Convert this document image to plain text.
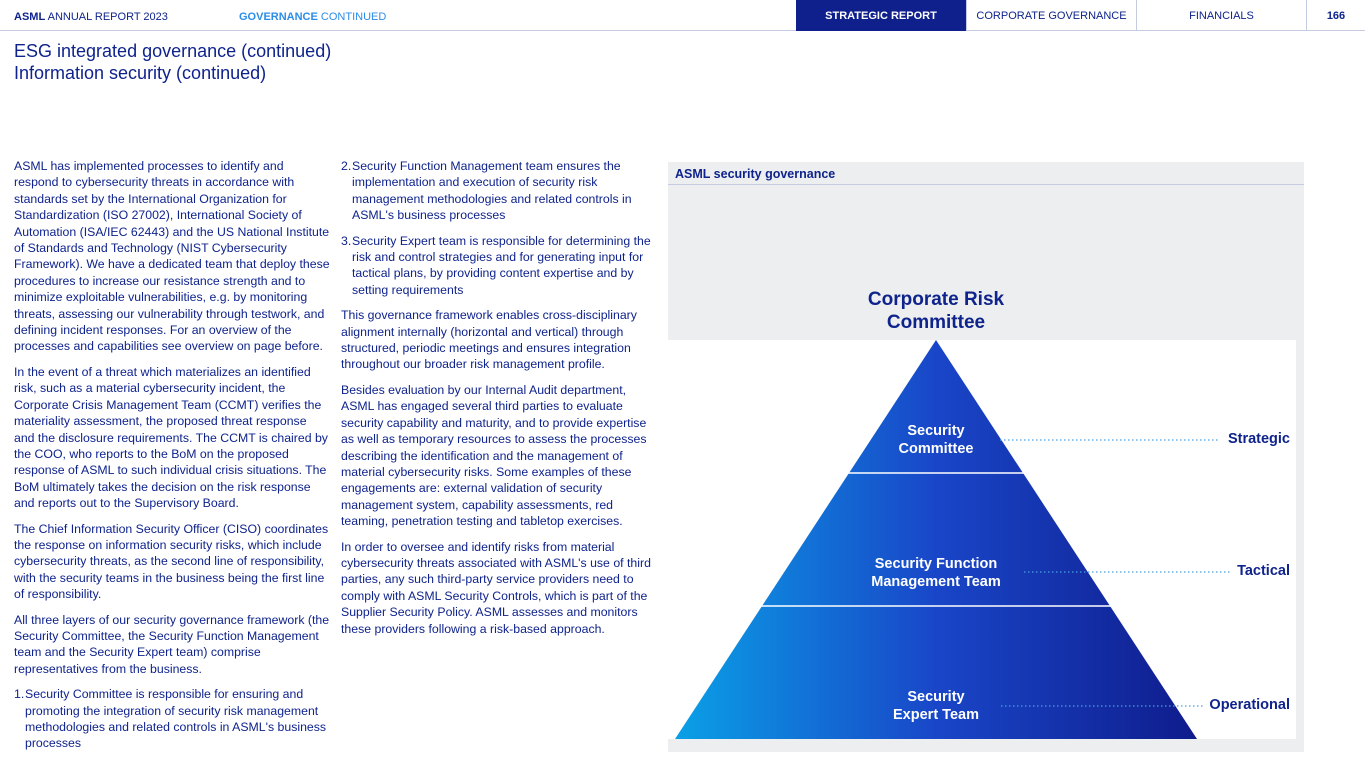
ASML ANNUAL REPORT 2023	GOVERNANCE CONTINUED	STRATEGIC REPORT	CORPORATE GOVERNANCE	FINANCIALS	166
ESG integrated governance (continued)
Information security (continued)

ASML has implemented processes to identify and respond to cybersecurity threats in accordance with standards set by the International Organization for Standardization (ISO 27002), International Society of Automation (ISA/IEC 62443) and the US National Institute of Standards and Technology (NIST Cybersecurity Framework). We have a dedicated team that deploy these procedures to increase our resistance strength and to minimize exploitable vulnerabilities, e.g. by monitoring threats, assessing our vulnerability through testwork, and defining incident responses. For an overview of the processes and capabilities see overview on page before.

In the event of a threat which materializes an identified risk, such as a material cybersecurity incident, the Corporate Crisis Management Team (CCMT) verifies the materiality assessment, the proposed threat response and the disclosure requirements. The CCMT is chaired by the COO, who reports to the BoM on the proposed response of ASML to such individual crisis situations. The BoM ultimately takes the decision on the risk response and reports out to the Supervisory Board.

The Chief Information Security Officer (CISO) coordinates the response on information security risks, which include cybersecurity threats, as the second line of responsibility, with the security teams in the business being the first line of responsibility.

All three layers of our security governance framework (the Security Committee, the Security Function Management team and the Security Expert team) comprise representatives from the business.

1. Security Committee is responsible for ensuring and promoting the integration of security risk management methodologies and related controls in ASML's business processes
2. Security Function Management team ensures the implementation and execution of security risk management methodologies and related controls in ASML's business processes
3. Security Expert team is responsible for determining the risk and control strategies and for generating input for tactical plans, by providing content expertise and by setting requirements

This governance framework enables cross-disciplinary alignment internally (horizontal and vertical) through structured, periodic meetings and ensures integration throughout our broader risk management profile.

Besides evaluation by our Internal Audit department, ASML has engaged several third parties to evaluate security capability and maturity, and to provide expertise as well as temporary resources to assess the processes describing the identification and the management of material cybersecurity risks. Some examples of these engagements are: external validation of security management system, capability assessments, red teaming, penetration testing and tabletop exercises.

In order to oversee and identify risks from material cybersecurity threats associated with ASML's use of third parties, any such third-party service providers need to comply with ASML Security Controls, which is part of the Supplier Security Policy. ASML assesses and monitors these providers following a risk-based approach.

ASML security governance
Corporate Risk
Committee
Security
Committee
Security Function
Management Team
Security
Expert Team
Strategic
Tactical
Operational
